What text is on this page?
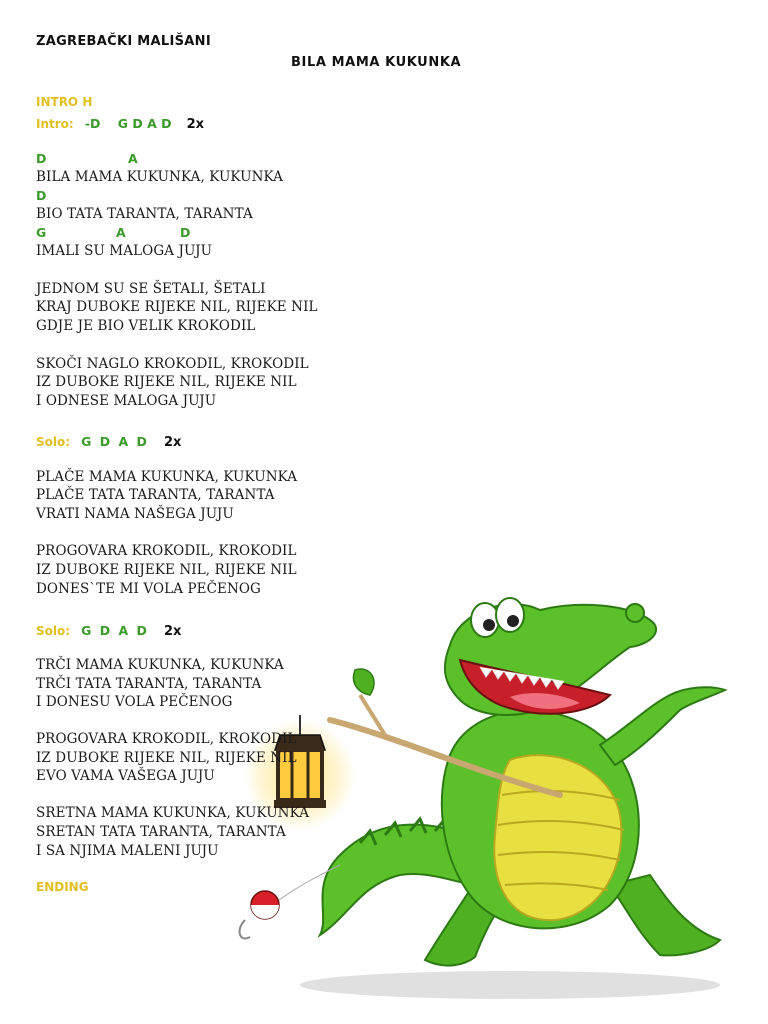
ZAGREBAČKI MALIŠANI
BILA MAMA KUKUNKA
INTRO H
Intro: -D    G D A D 2x
D	A
BILA MAMA KUKUNKA, KUKUNKA
D
BIO TATA TARANTA, TARANTA
G	A	D
IMALI SU MALOGA JUJU
JEDNOM SU SE ŠETALI, ŠETALI
KRAJ DUBOKE RIJEKE NIL, RIJEKE NIL
GDJE JE BIO VELIK KROKODIL
SKOČI NAGLO KROKODIL, KROKODIL
IZ DUBOKE RIJEKE NIL, RIJEKE NIL
I ODNESE MALOGA JUJU
Solo: G D A D 2x
PLAČE MAMA KUKUNKA, KUKUNKA
PLAČE TATA TARANTA, TARANTA
VRATI NAMA NAŠEGA JUJU
PROGOVARA KROKODIL, KROKODIL
IZ DUBOKE RIJEKE NIL, RIJEKE NIL
DONES`TE MI VOLA PEČENOG
Solo: G D A D 2x
TRČI MAMA KUKUNKA, KUKUNKA
TRČI TATA TARANTA, TARANTA
I DONESU VOLA PEČENOG
PROGOVARA KROKODIL, KROKODIL
IZ DUBOKE RIJEKE NIL, RIJEKE NIL
EVO VAMA VAŠEGA JUJU
SRETNA MAMA KUKUNKA, KUKUNKA
SRETAN TATA TARANTA, TARANTA
I SA NJIMA MALENI JUJU
ENDING
